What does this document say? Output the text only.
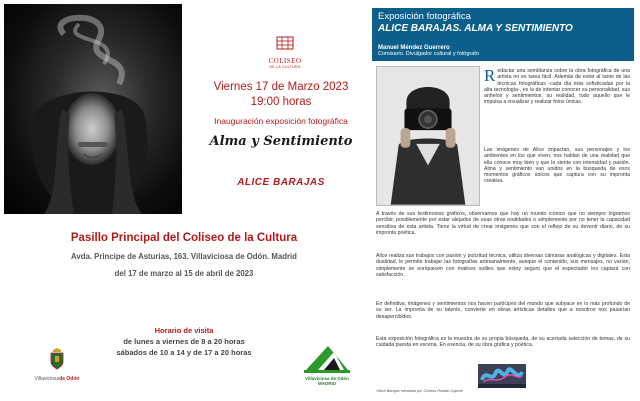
COLISEO
DE LA CULTURA
Viernes 17 de Marzo 2023
19:00 horas
Inauguración exposición fotográfica
Alma y Sentimiento
ALICE BARAJAS
Pasillo Principal del Coliseo de la Cultura
Avda. Principe de Asturias, 163. Villaviciosa de Odón. Madrid
del 17 de marzo al 15 de abril de 2023
Horario de visita
de lunes a viernes de 8 a 20 horas
sábados de 10 a 14 y de 17 a 20 horas
Villaviciosade Odón	Villaviciosa de Odón
MADRID
Exposición fotográfica
ALICE BARAJAS. ALMA Y SENTIMIENTO
Manuel Méndez Guerrero
Comisario. Divulgador cultural y fotógrafo
Redactar una semblanza sobre la obra fotográfica de una artista no es tarea fácil. Además de estar al tanto de las técnicas fotográficas -cada día más sofisticadas por la alta tecnología-, es la de intentar conocer su personalidad, sus anhelos y sentimientos, su realidad, todo aquello que le impulsa a visualizar y realizar fotos únicas.
Las imágenes de Alice impactan, sus personajes y los ambientes en los que viven, nos hablan de una realidad que ella conoce muy bien y que lo siente con intensidad y pasión. Alma y sentimiento van unidos en la búsqueda de esos momentos gráficos únicos que captura con su impronta creativa.
A través de sus testimonios gráficos, observamos que hay un mundo icónico que no siempre logramos percibir, posiblemente por estar alejados de esas otras realidades o simplemente por no tener la capacidad sensitiva de esta artista. Tiene la virtud de crear imágenes que son el reflejo de su devenir diario, de su impronta poética.
Alice realiza sus trabajos con pasión y pulcritud técnica, utiliza diversas cámaras analógicas y digitales. Esta dualidad, le permite trabajar las fotografías artesanalmente, aunque el contenido, sus mensajes, no varían, simplemente se enriquecen con matices sutiles que estoy seguro que el espectador los captará con satisfacción.
En definitiva, imágenes y sentimientos nos hacen partícipes del mundo que subyace en lo más profundo de su ser. La impronta de su talento, convierte en obras artísticas detalles que a nosotros nos pasarían desapercibidos.
Esta exposición fotográfica es la muestra de su propia búsqueda, de su acertada selección de temas, de su cuidada puesta en escena. En esencia, de su obra gráfica y poética.
*Alice Barajas retratada por Cristina Roldán Ogarrio
